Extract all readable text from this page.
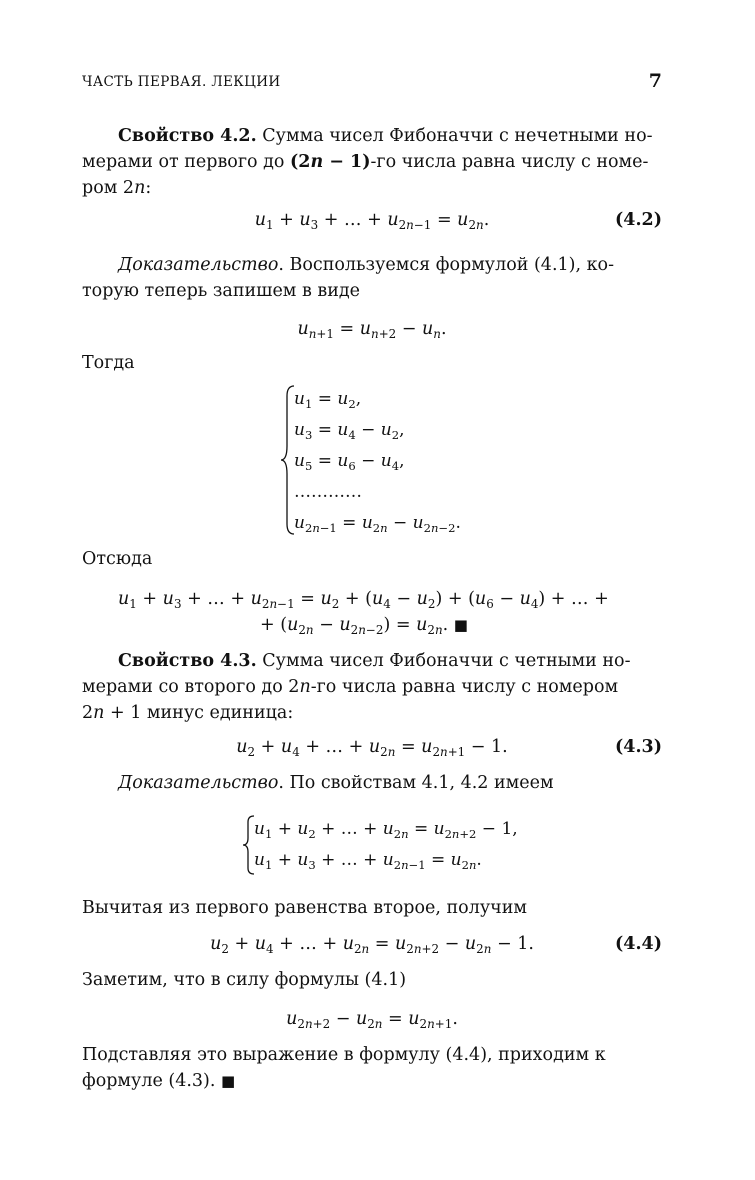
ЧАСТЬ ПЕРВАЯ. ЛЕКЦИИ	7
Свойство 4.2. Сумма чисел Фибоначчи с нечетными но-
мерами от первого до (2n − 1)-го числа равна числу с номе-
ром 2n:
$u_1 + u_3$ + … + $u_{2n-1} = u_{2n}$.	(4.2)
Доказательство. Воспользуемся формулой (4.1), ко-
торую теперь запишем в виде
$u_{n+1} = u_{n+2} - u_n$.
Тогда
$u_1 = u_2$,
$u_3 = u_4 - u_2$,
$u_5 = u_6 - u_4$,
…………
$u_{2n-1} = u_{2n} - u_{2n-2}$.
Отсюда
$u_1 + u_3$ + … + $u_{2n-1} = u_2 + (u_4 - u_2) + (u_6 - u_4)$ + … +
+ $(u_{2n} - u_{2n-2}) = u_{2n}$. ■
Свойство 4.3. Сумма чисел Фибоначчи с четными но-
мерами со второго до 2n-го числа равна числу с номером
2n + 1 минус единица:
$u_2 + u_4$ + … + $u_{2n} = u_{2n+1} - 1$.	(4.3)
Доказательство. По свойствам 4.1, 4.2 имеем
$u_1 + u_2$ + … + $u_{2n} = u_{2n+2} - 1$,
$u_1 + u_3$ + … + $u_{2n-1} = u_{2n}$.
Вычитая из первого равенства второе, получим
$u_2 + u_4$ + … + $u_{2n} = u_{2n+2} - u_{2n} - 1$.	(4.4)
Заметим, что в силу формулы (4.1)
$u_{2n+2} - u_{2n} = u_{2n+1}$.
Подставляя это выражение в формулу (4.4), приходим к
формуле (4.3). ■
